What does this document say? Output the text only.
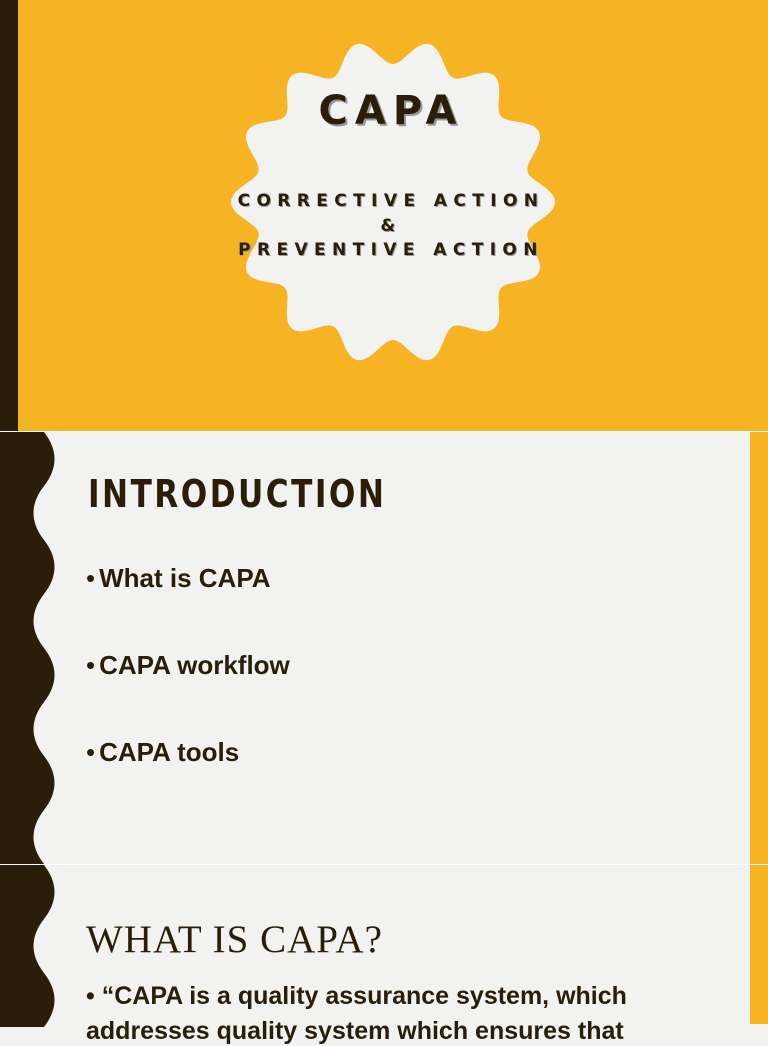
CAPA
CORRECTIVE ACTION
&
PREVENTIVE ACTION
INTRODUCTION
• What is CAPA
• CAPA workflow
• CAPA tools
WHAT IS CAPA?
• “CAPA is a quality assurance system, which
addresses quality system which ensures that
